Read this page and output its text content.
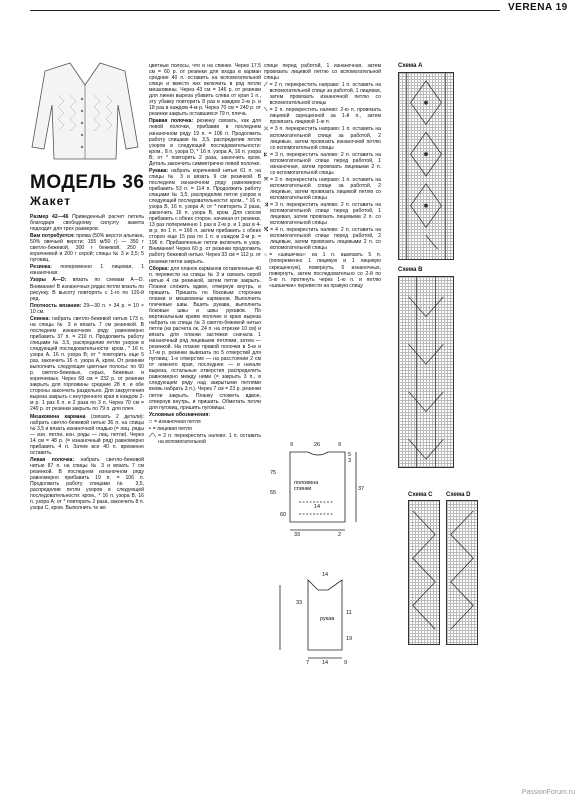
VERENA 19
МОДЕЛЬ 36
Жакет
Размер 42—46 Приведенный расчет петель благодаря свободному силуэту жакета подходит для трех размеров.
Вам потребуется: пряжа (50% версти альпака, 50% овечьей версти; 155 м/50 г) — 350 г светло-бежевой, 300 г бежевой, 250 г коричневой и 200 г серой; спицы № 3 и 3,5; 5 пуговиц.
Резинка: попеременно 1 лицевая, 1 изнаночная.
Узоры А—D: вязать по схемам А—D. Внимание! В изнаночных рядах петли вязать по рисунку. В высоту повторять с 1-го по 120-й ряд.
Плотность вязания: 29—30 п. × 34 р. = 10 × 10 см.
Спинка: набрать светло-бежевой нитью 173 п. на спицы № 3 и вязать 7 см резинкой. В последнем изнаночном ряду равномерно прибавить 37 п. = 210 п. Продолжить работу спицами № 3,5, распределив петли узоров в следующей последовательности: кром., * 16 п. узора А, 16 п. узора В; от * повторить еще 5 раз, закончить 16 п. узора А, кром. От резинки выполнить следующие цветные полосы: по 60 р. светло-бежевых, серых, бежевых и коричневых. Через 68 см = 232 р. от резинки закрыть для горловины средние 28 п. и обе стороны закончить раздельно. Для закругления выреза закрыть с внутреннего края в каждом 2-м р. 1 раз 6 п. и 2 раза по 3 п. Через 70 см = 240 р. от резинки закрыть по 79 п. для плеч.
Мешковина кармана (связать 2 детали): набрать светло-бежевой нитью 36 п. на спицы № 3,5 и вязать изнаночной гладью (= лиц. ряды — изн. петли, изн. ряды — лиц. петли). Через 14 см = 48 р. (= изнаночный ряд) равномерно прибавить 4 п. Затем все 40 п. временно оставить.
Левая полочка: набрать светло-бежевой нитью 87 п. на спицы № 3 и вязать 7 см резинкой. В последнем изнаночном ряду равномерно прибавить 19 п. = 106 п. Продолжить работу спицами № 3,5, распределив петли узоров в следующей последовательности: кром., * 16 п. узора В, 16 п. узора А; от * повторить 2 раза, закончить 8 п. узора С, кром. Выполнить те же
цветные полосы, что и на спинке. Через 17,5 см = 60 р. от резинки для входа в карман средние 40 п. оставить на вспомогательной спице и вместо них включить в ряд петли мешковины. Через 43 см = 146 р. от резинки для линии выреза убавить слева от края 1 п., эту убавку повторить 8 раз в каждом 2-м р. и 18 раз в каждом 4-м р. Через 70 см = 240 р. от резинки закрыть оставшиеся 79 п. плеча.
Правая полочка: резинку связать, как для левой полочки, прибавив в последнем изнаночном ряду 19 п. = 106 п. Продолжить работу спицами № 3,5, распределив петли узоров в следующей последовательности: кром., 8 п. узора D, * 16 п. узора А, 16 п. узора В; от * повторить 2 раза, закончить кром. Деталь закончить симметрично левой полочке.
Рукава: набрать коричневой нитью 61 п. на спицы № 3 и вязать 9 см резинкой. В последнем изнаночном ряду равномерно прибавить 53 п. = 114 п. Продолжить работу спицами № 3,5, распределив петли узоров в следующей последовательности: кром., * 16 п. узора В, 16 п. узора А; от * повторить 2 раза, закончить 16 п. узора В, кром. Для скосов прибавить с обеих сторон, начиная от резинки, 13 раз попеременно 1 раз в 2-м р. и 1 раз в 4-м р. по 1 п. = 166 п. затем прибавить с обеих сторон еще 15 раз по 1 п. в каждом 2-м р. = 196 п. Прибавленные петли включать в узор. Внимание! Через 60 р. от резинки продолжить работу бежевой нитью. Через 33 см = 112 р. от резинки петли закрыть.
Сборка: для планок карманов оставленные 40 п. перевести на спицы № 3 и связать серой нитью 4 см резинкой, затем петли закрыть. Планки сложить вдвое, отвернув внутрь, и пришить. Пришить по боковым сторонам планки и мешковины карманов. Выполнить плечевые швы. Вшить рукава, выполнить боковые швы и швы рукавов. По вертикальным краям полочек и краю выреза набрать на спицы № 3 светло-бежевой нитью петли (из расчета ок. 24 п. на отрезке 10 см) и вязать для планки застежки сначала 1 изнаночный ряд лицевыми петлями, затем — резинкой. На планке правой полочки в 5-м и 17-м р. резинки вывязать по 5 отверстий для пуговиц: 1-е отверстие — на расстоянии 2 см от нижнего края, последнее — в начале выреза, остальные отверстия распределить равномерно между ними (= закрыть 3 п., в следующем ряду над закрытыми петлями вновь набрать 3 п.). Через 7 см = 23 р. резинки петли закрыть. Планку сложить вдвое, отвернув внутрь, и пришить. Обметать петли для пуговиц, пришить пуговицы.
Условные обозначения:
□ = изнаночная петля
• = лицевая петля
⟋⟍ = 2 п. перекрестить налево: 1 п. оставить на вспомогательной
спице перед работой, 1 изнаночная, затем провязать лицевой петлю со вспомогательной спицы
⟋ = 2 п. перекрестить направо: 1 п. оставить на вспомогательной спице за работой, 1 лицевая, затем провязать изнаночной петлю со вспомогательной спицы
⟍ = 2 п. перекрестить налево: 2-ю п. провязать лицевой скрещенной за 1-й п., затем провязать лицевой 1-ю п.
⤫ = 3 п. перекрестить направо: 1 п. оставить на вспомогательной спице за работой, 2 лицевые, затем провязать изнаночной петлю со вспомогательной спицы
⤪ = 3 п. перекрестить налево: 2 п. оставить на вспомогательной спице перед работой, 1 изнаночная, затем провязать лицевыми 2 п. со вспомогательной спицы
⤧ = 3 п. перекрестить направо: 1 п. оставить на вспомогательной спице за работой, 2 лицевые, затем провязать лицевой петлю со вспомогательной спицы
⤨ = 3 п. перекрестить налево: 2 п. оставить на вспомогательной спице перед работой, 1 лицевая, затем провязать лицевыми 2 п. со вспомогательной спицы
⤭ = 4 п. перекрестить налево: 2 п. оставить на вспомогательной спице перед работой, 2 лицевые, затем провязать лицевыми 2 п. со вспомогательной спицы
○ = «шишечка»: из 1 п. вывязать 5 п. (попеременно 1 лицевую и 1 лицевую скрещенную), повернуть, 5 изнаночных, повернуть, затем последовательно со 2-й по 5-ю п. протянуть через 1-ю п. и петлю «шишечки» перевести на правую спицу
9	26	9
5
3
75
55
37
60
14
2
33
14
33
11
19
14
7	9
половина спинки
рукав
Схема A
Схема B
Схема C Схема D
PassionForum.ru
